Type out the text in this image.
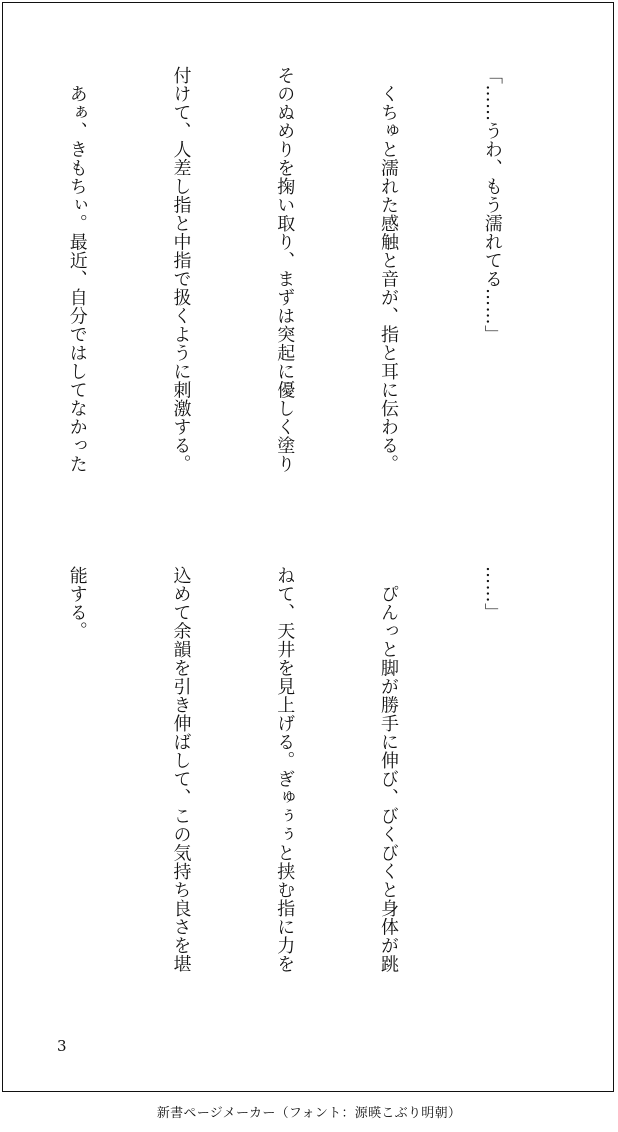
「……うわ、もう濡れてる……」

　くちゅと濡れた感触と音が、指と耳に伝わる。

そのぬめりを掬い取り、まずは突起に優しく塗り

付けて、人差し指と中指で扱くように刺激する。

　あぁ、きもちぃ。最近、自分ではしてなかった

……」

　ぴんっと脚が勝手に伸び、びくびくと身体が跳

ねて、天井を見上げる。ぎゅぅぅと挟む指に力を

込めて余韻を引き伸ばして、この気持ち良さを堪

能する。

3
新書ページメーカー（フォント：源暎こぶり明朝）
